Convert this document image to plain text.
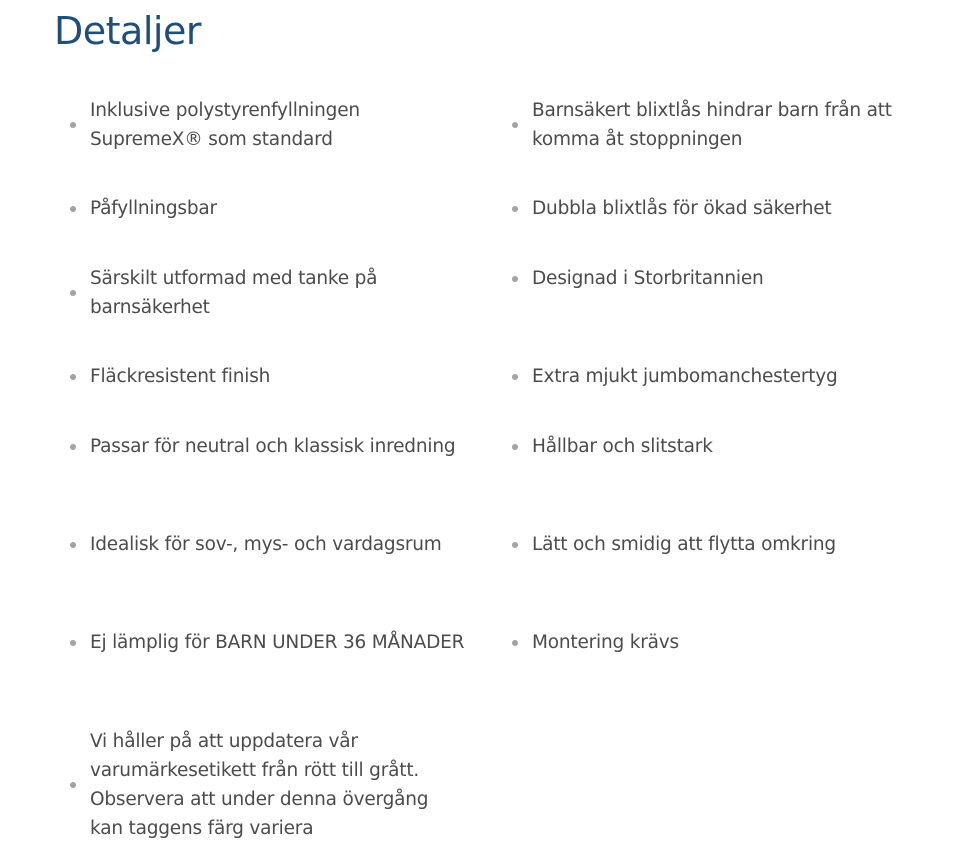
Detaljer
Inklusive polystyrenfyllningen SupremeX® som standard
Påfyllningsbar
Särskilt utformad med tanke på barnsäkerhet
Fläckresistent finish
Passar för neutral och klassisk inredning
Idealisk för sov-, mys- och vardagsrum
Ej lämplig för BARN UNDER 36 MÅNADER
Vi håller på att uppdatera vår varumärkesetikett från rött till grått. Observera att under denna övergång kan taggens färg variera
Barnsäkert blixtlås hindrar barn från att komma åt stoppningen
Dubbla blixtlås för ökad säkerhet
Designad i Storbritannien
Extra mjukt jumbomanchestertyg
Hållbar och slitstark
Lätt och smidig att flytta omkring
Montering krävs
